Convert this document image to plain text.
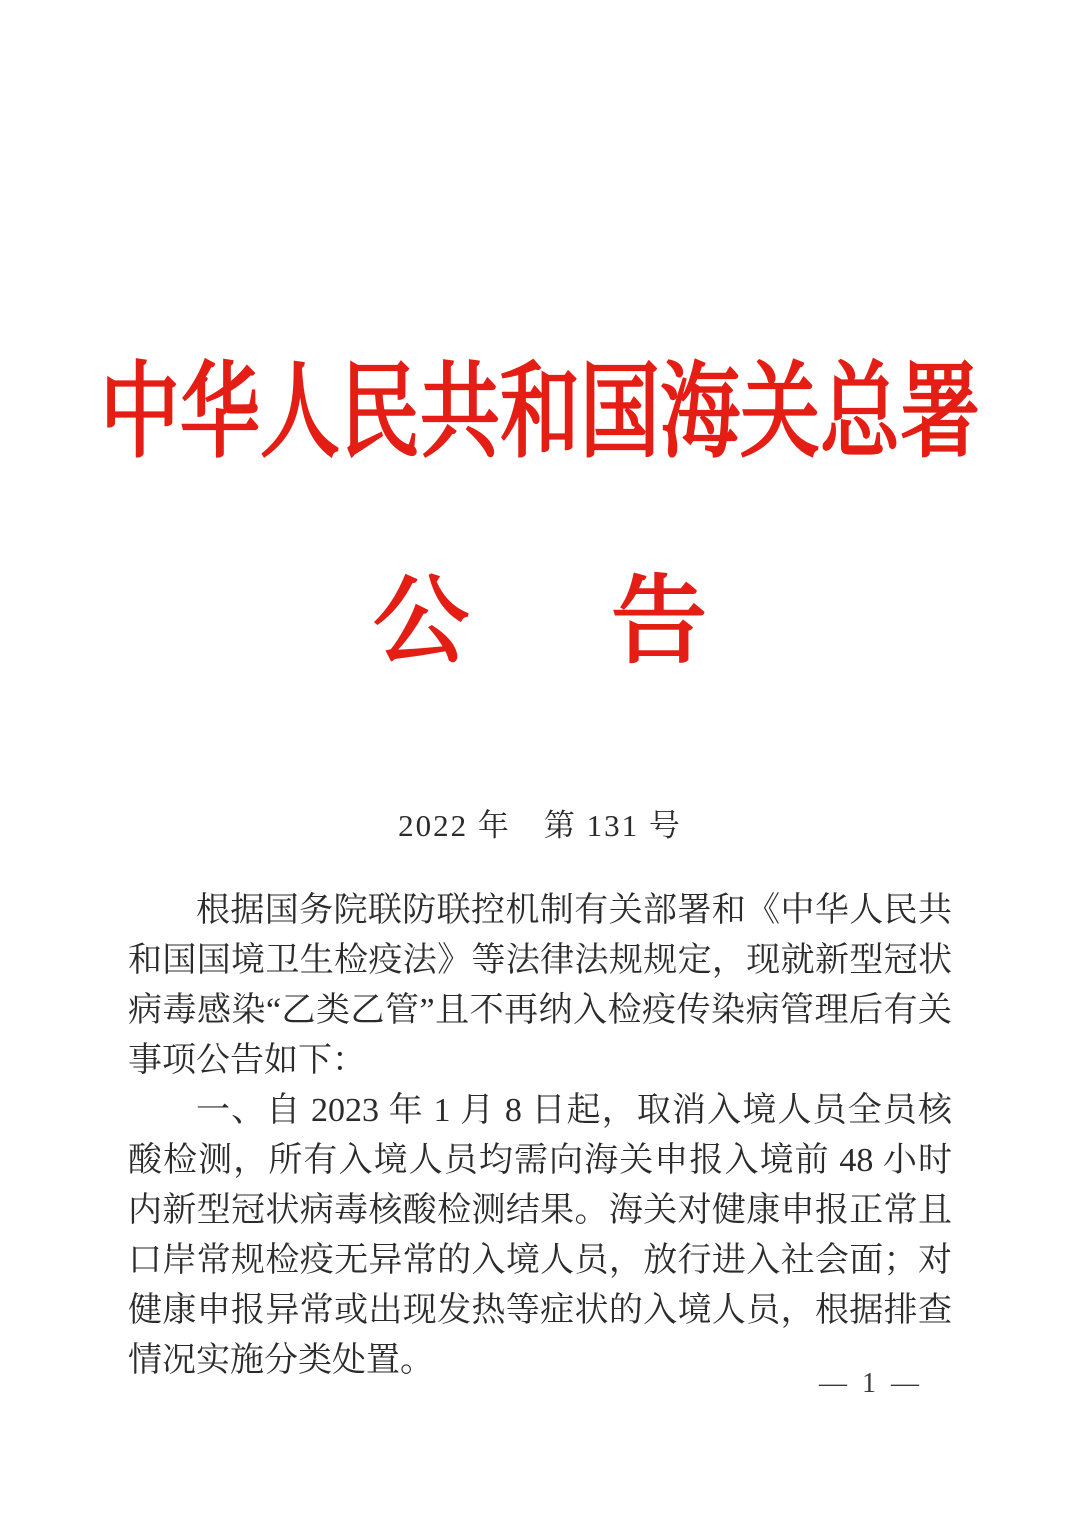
中华人民共和国海关总署
公 告
2022 年　第 131 号

根据国务院联防联控机制有关部署和《中华人民共和国国境卫生检疫法》等法律法规规定，现就新型冠状病毒感染“乙类乙管”且不再纳入检疫传染病管理后有关事项公告如下：

一、自 2023 年 1 月 8 日起，取消入境人员全员核酸检测，所有入境人员均需向海关申报入境前 48 小时内新型冠状病毒核酸检测结果。海关对健康申报正常且口岸常规检疫无异常的入境人员，放行进入社会面；对健康申报异常或出现发热等症状的入境人员，根据排查情况实施分类处置。

— 1 —
